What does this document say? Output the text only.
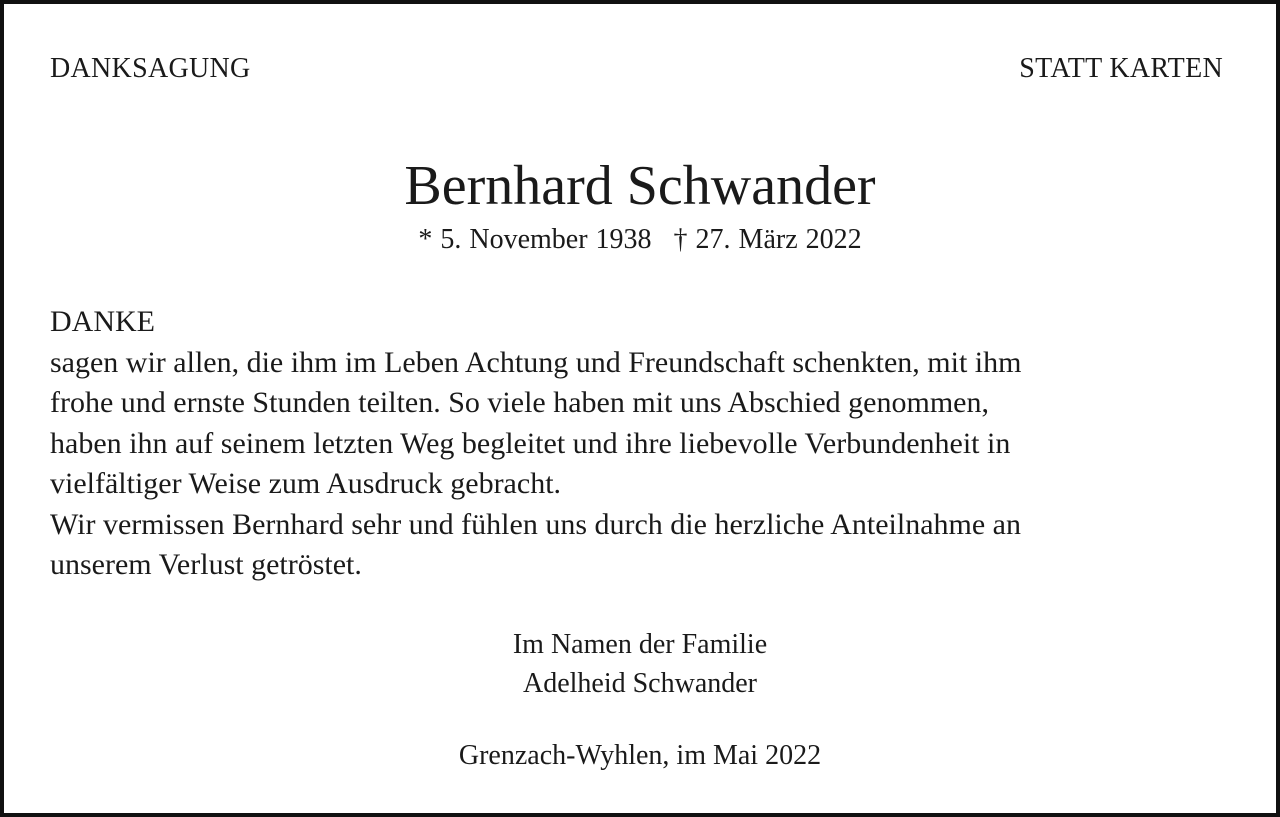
DANKSAGUNG	STATT KARTEN
Bernhard Schwander
* 5. November 1938 † 27. März 2022
DANKE
sagen wir allen, die ihm im Leben Achtung und Freundschaft schenkten, mit ihm
frohe und ernste Stunden teilten. So viele haben mit uns Abschied genommen,
haben ihn auf seinem letzten Weg begleitet und ihre liebevolle Verbundenheit in
vielfältiger Weise zum Ausdruck gebracht.
Wir vermissen Bernhard sehr und fühlen uns durch die herzliche Anteilnahme an
unserem Verlust getröstet.
Im Namen der Familie
Adelheid Schwander
Grenzach-Wyhlen, im Mai 2022
